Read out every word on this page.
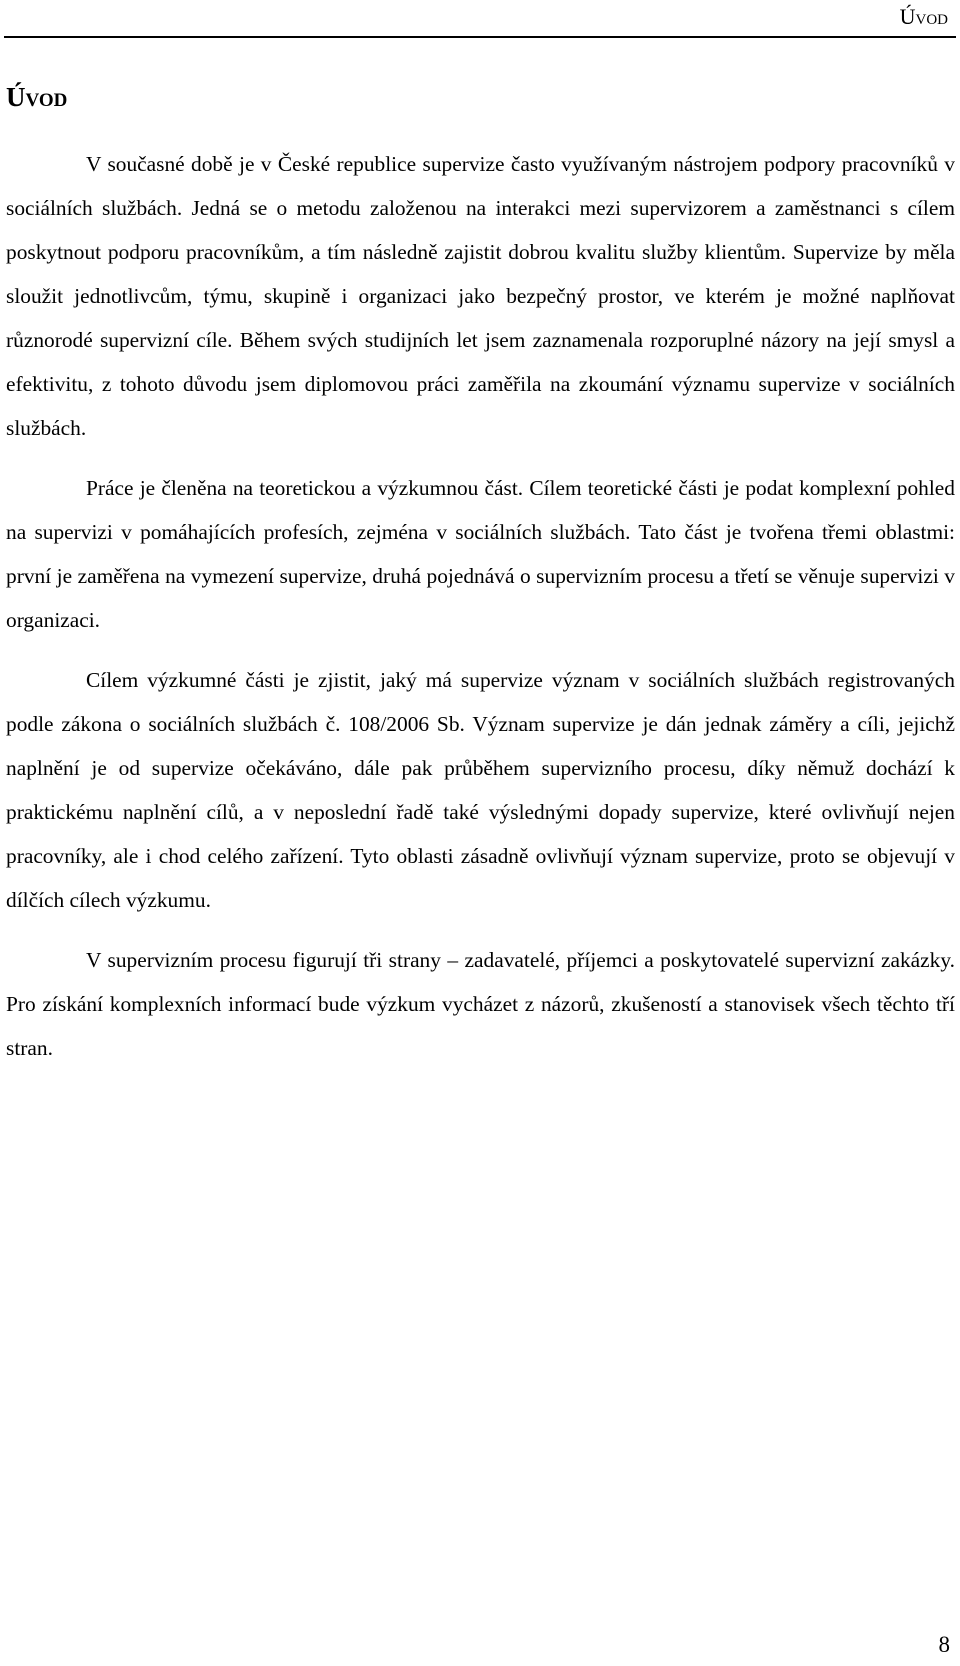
Úvod
Úvod

V současné době je v České republice supervize často využívaným nástrojem podpory pracovníků v sociálních službách. Jedná se o metodu založenou na interakci mezi supervizorem a zaměstnanci s cílem poskytnout podporu pracovníkům, a tím následně zajistit dobrou kvalitu služby klientům. Supervize by měla sloužit jednotlivcům, týmu, skupině i organizaci jako bezpečný prostor, ve kterém je možné naplňovat různorodé supervizní cíle. Během svých studijních let jsem zaznamenala rozporuplné názory na její smysl a efektivitu, z tohoto důvodu jsem diplomovou práci zaměřila na zkoumání významu supervize v sociálních službách.

Práce je členěna na teoretickou a výzkumnou část. Cílem teoretické části je podat komplexní pohled na supervizi v pomáhajících profesích, zejména v sociálních službách. Tato část je tvořena třemi oblastmi: první je zaměřena na vymezení supervize, druhá pojednává o supervizním procesu a třetí se věnuje supervizi v organizaci.

Cílem výzkumné části je zjistit, jaký má supervize význam v sociálních službách registrovaných podle zákona o sociálních službách č. 108/2006 Sb. Význam supervize je dán jednak záměry a cíli, jejichž naplnění je od supervize očekáváno, dále pak průběhem supervizního procesu, díky němuž dochází k praktickému naplnění cílů, a v neposlední řadě také výslednými dopady supervize, které ovlivňují nejen pracovníky, ale i chod celého zařízení. Tyto oblasti zásadně ovlivňují význam supervize, proto se objevují v dílčích cílech výzkumu.

V supervizním procesu figurují tři strany – zadavatelé, příjemci a poskytovatelé supervizní zakázky. Pro získání komplexních informací bude výzkum vycházet z názorů, zkušeností a stanovisek všech těchto tří stran.

8
